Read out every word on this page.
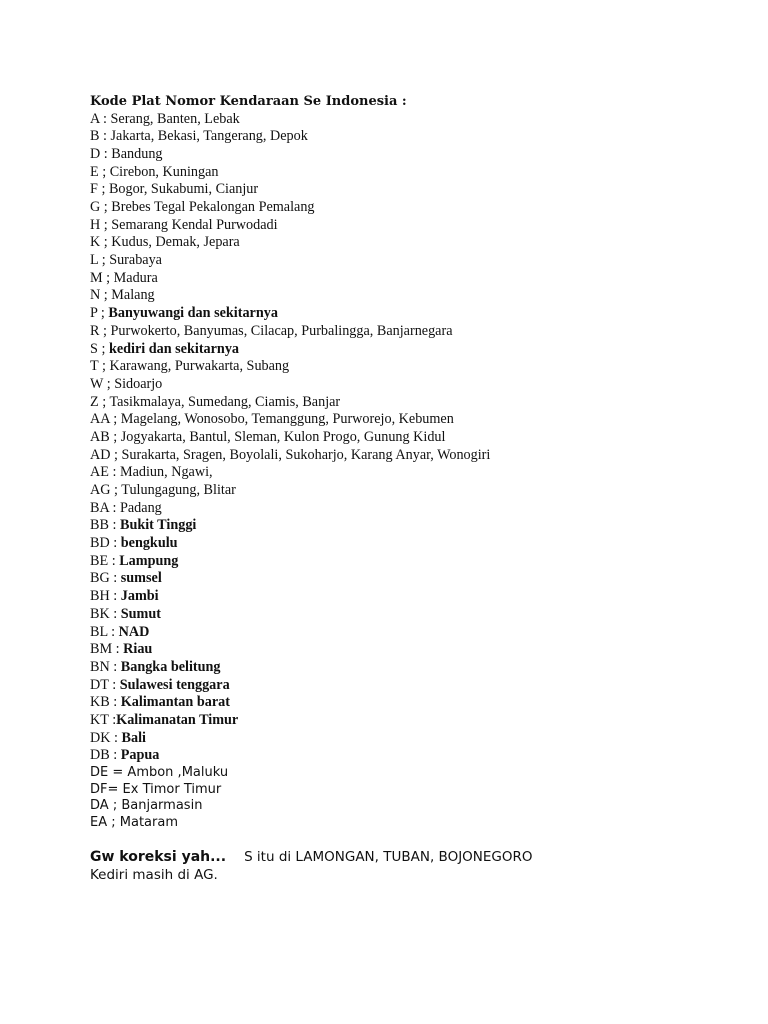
Kode Plat Nomor Kendaraan Se Indonesia :
A : Serang, Banten, Lebak
B : Jakarta, Bekasi, Tangerang, Depok
D : Bandung
E ; Cirebon, Kuningan
F ; Bogor, Sukabumi, Cianjur
G ; Brebes Tegal Pekalongan Pemalang
H ; Semarang Kendal Purwodadi
K ; Kudus, Demak, Jepara
L ; Surabaya
M ; Madura
N ; Malang
P ; Banyuwangi dan sekitarnya
R ; Purwokerto, Banyumas, Cilacap, Purbalingga, Banjarnegara
S ; kediri dan sekitarnya
T ; Karawang, Purwakarta, Subang
W ; Sidoarjo
Z ; Tasikmalaya, Sumedang, Ciamis, Banjar
AA ; Magelang, Wonosobo, Temanggung, Purworejo, Kebumen
AB ; Jogyakarta, Bantul, Sleman, Kulon Progo, Gunung Kidul
AD ; Surakarta, Sragen, Boyolali, Sukoharjo, Karang Anyar, Wonogiri
AE : Madiun, Ngawi,
AG ; Tulungagung, Blitar
BA : Padang
BB : Bukit Tinggi
BD : bengkulu
BE : Lampung
BG : sumsel
BH : Jambi
BK : Sumut
BL : NAD
BM : Riau
BN : Bangka belitung
DT : Sulawesi tenggara
KB : Kalimantan barat
KT :Kalimanatan Timur
DK : Bali
DB : Papua
DE = Ambon ,Maluku
DF= Ex Timor Timur
DA ; Banjarmasin
EA ; Mataram
Gw koreksi yah... S itu di LAMONGAN, TUBAN, BOJONEGORO
Kediri masih di AG.
